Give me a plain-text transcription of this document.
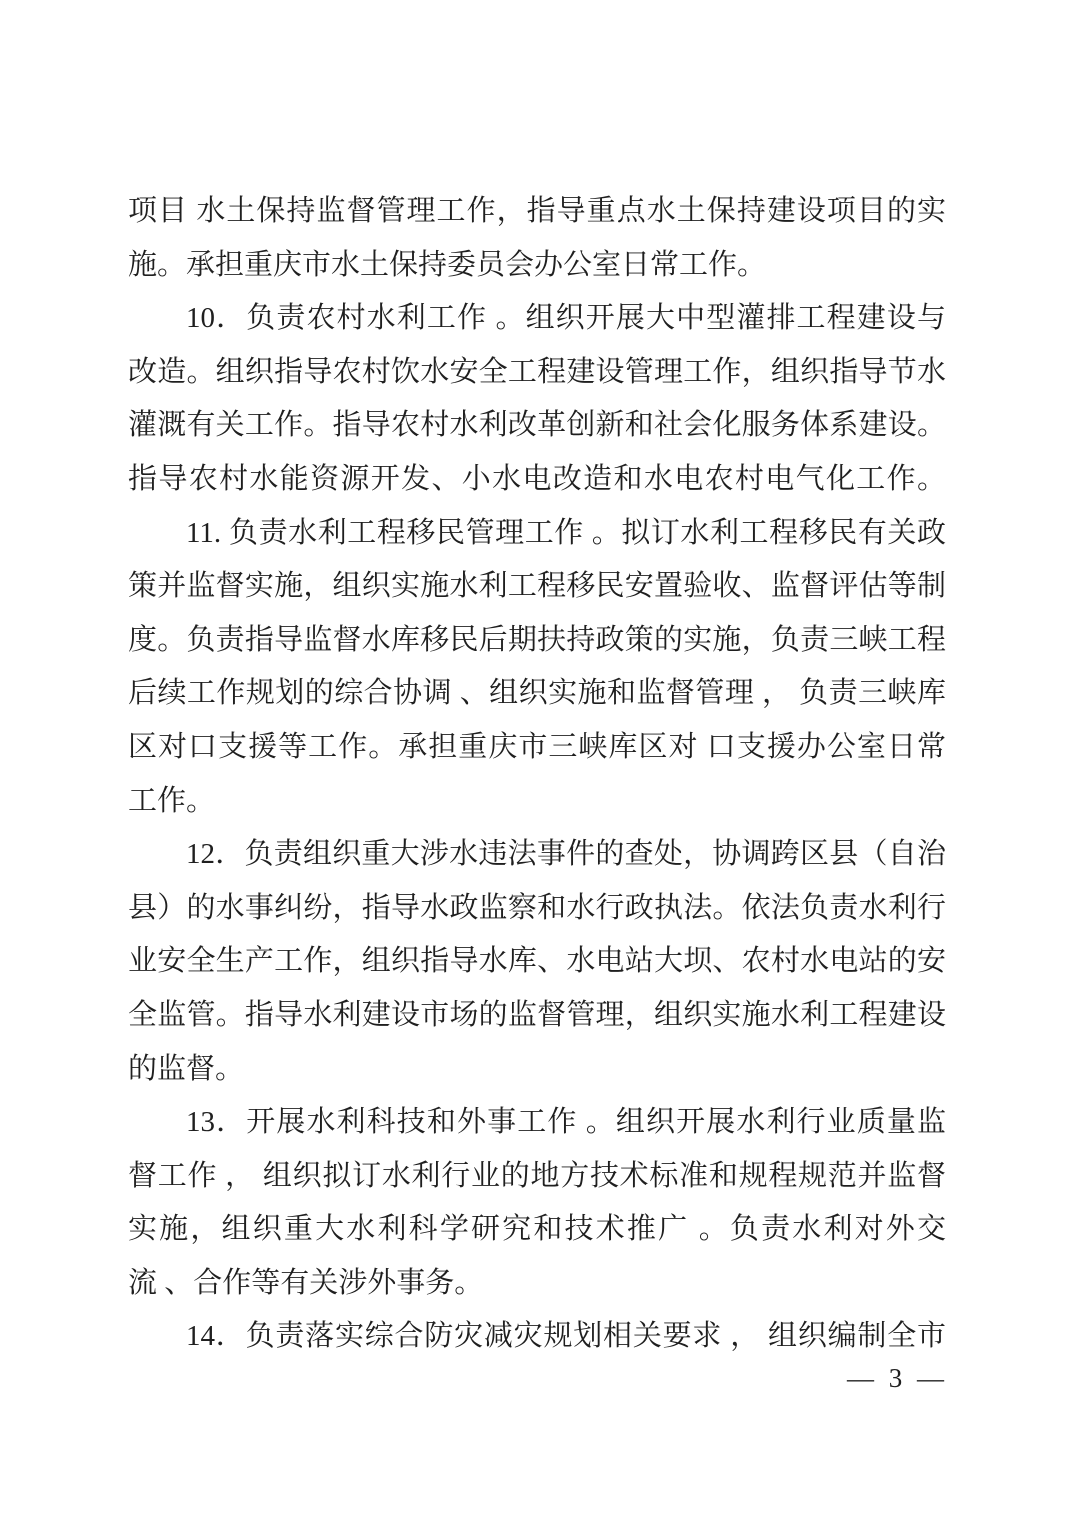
项目 水土保持监督管理工作，指导重点水土保持建设项目的实
施。承担重庆市水土保持委员会办公室日常工作。
10．负责农村水利工作 。组织开展大中型灌排工程建设与
改造。组织指导农村饮水安全工程建设管理工作，组织指导节水
灌溉有关工作。指导农村水利改革创新和社会化服务体系建设。
指导农村水能资源开发、小水电改造和水电农村电气化工作。
11. 负责水利工程移民管理工作 。拟订水利工程移民有关政
策并监督实施，组织实施水利工程移民安置验收、监督评估等制
度。负责指导监督水库移民后期扶持政策的实施，负责三峡工程
后续工作规划的综合协调 、组织实施和监督管理 ， 负责三峡库
区对口支援等工作。承担重庆市三峡库区对 口支援办公室日常
工作。
12．负责组织重大涉水违法事件的查处，协调跨区县（自治
县）的水事纠纷，指导水政监察和水行政执法。依法负责水利行
业安全生产工作，组织指导水库、水电站大坝、农村水电站的安
全监管。指导水利建设市场的监督管理，组织实施水利工程建设
的监督。
13．开展水利科技和外事工作 。组织开展水利行业质量监
督工作 ， 组织拟订水利行业的地方技术标准和规程规范并监督
实施，组织重大水利科学研究和技术推广 。负责水利对外交
流 、合作等有关涉外事务。
14．负责落实综合防灾减灾规划相关要求 ， 组织编制全市
— 3 —
